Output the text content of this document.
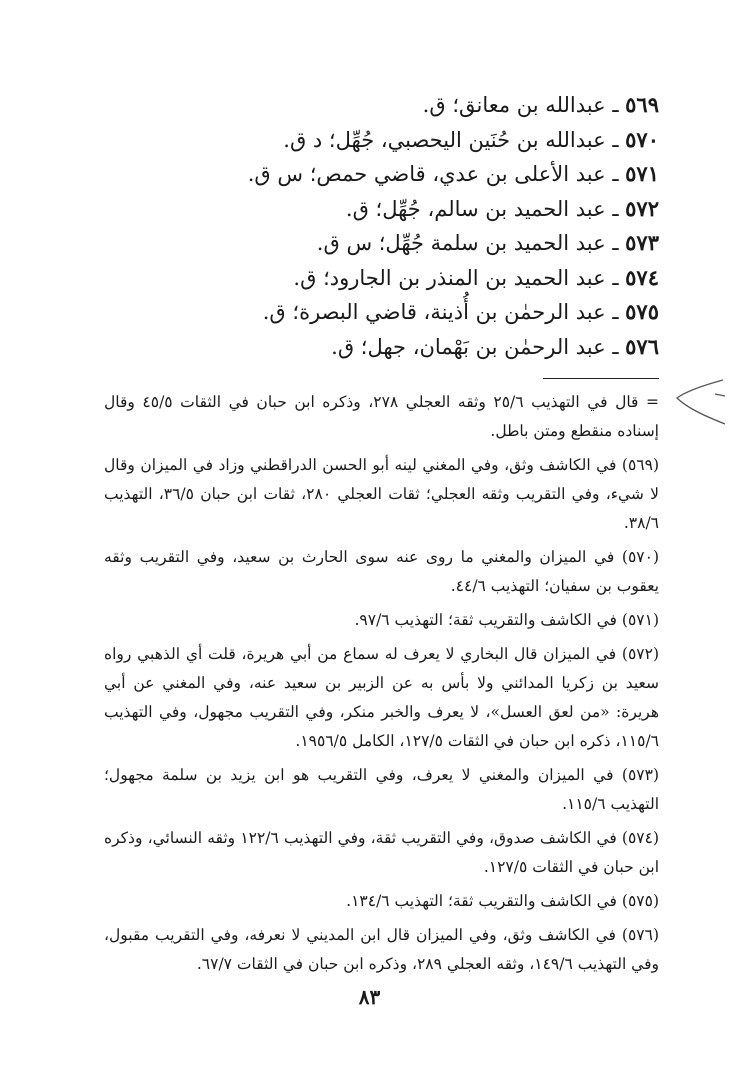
٥٦٩ ـ عبدالله بن معانق؛ ق.
٥٧٠ ـ عبدالله بن حُنَين اليحصبي، جُهِّل؛ د ق.
٥٧١ ـ عبد الأعلى بن عدي، قاضي حمص؛ س ق.
٥٧٢ ـ عبد الحميد بن سالم، جُهِّل؛ ق.
٥٧٣ ـ عبد الحميد بن سلمة جُهِّل؛ س ق.
٥٧٤ ـ عبد الحميد بن المنذر بن الجارود؛ ق.
٥٧٥ ـ عبد الرحمٰن بن أُذينة، قاضي البصرة؛ ق.
٥٧٦ ـ عبد الرحمٰن بن بَهْمان، جهل؛ ق.

= قال في التهذيب ٢٥/٦ وثقه العجلي ٢٧٨، وذكره ابن حبان في الثقات ٤٥/٥ وقال إسناده منقطع ومتن باطل.

(٥٦٩) في الكاشف وثق، وفي المغني لينه أبو الحسن الدراقطني وزاد في الميزان وقال لا شيء، وفي التقريب وثقه العجلي؛ ثقات العجلي ٢٨٠، ثقات ابن حبان ٣٦/٥، التهذيب ٣٨/٦.

(٥٧٠) في الميزان والمغني ما روى عنه سوى الحارث بن سعيد، وفي التقريب وثقه يعقوب بن سفيان؛ التهذيب ٤٤/٦.

(٥٧١) في الكاشف والتقريب ثقة؛ التهذيب ٩٧/٦.

(٥٧٢) في الميزان قال البخاري لا يعرف له سماع من أبي هريرة، قلت أي الذهبي رواه سعيد بن زكريا المدائني ولا بأس به عن الزبير بن سعيد عنه، وفي المغني عن أبي هريرة: «من لعق العسل»، لا يعرف والخبر منكر، وفي التقريب مجهول، وفي التهذيب ١١٥/٦، ذكره ابن حبان في الثقات ١٢٧/٥، الكامل ١٩٥٦/٥.

(٥٧٣) في الميزان والمغني لا يعرف، وفي التقريب هو ابن يزيد بن سلمة مجهول؛ التهذيب ١١٥/٦.

(٥٧٤) في الكاشف صدوق، وفي التقريب ثقة، وفي التهذيب ١٢٢/٦ وثقه النسائي، وذكره ابن حبان في الثقات ١٢٧/٥.

(٥٧٥) في الكاشف والتقريب ثقة؛ التهذيب ١٣٤/٦.

(٥٧٦) في الكاشف وثق، وفي الميزان قال ابن المديني لا نعرفه، وفي التقريب مقبول، وفي التهذيب ١٤٩/٦، وثقه العجلي ٢٨٩، وذكره ابن حبان في الثقات ٦٧/٧.

٨٣
